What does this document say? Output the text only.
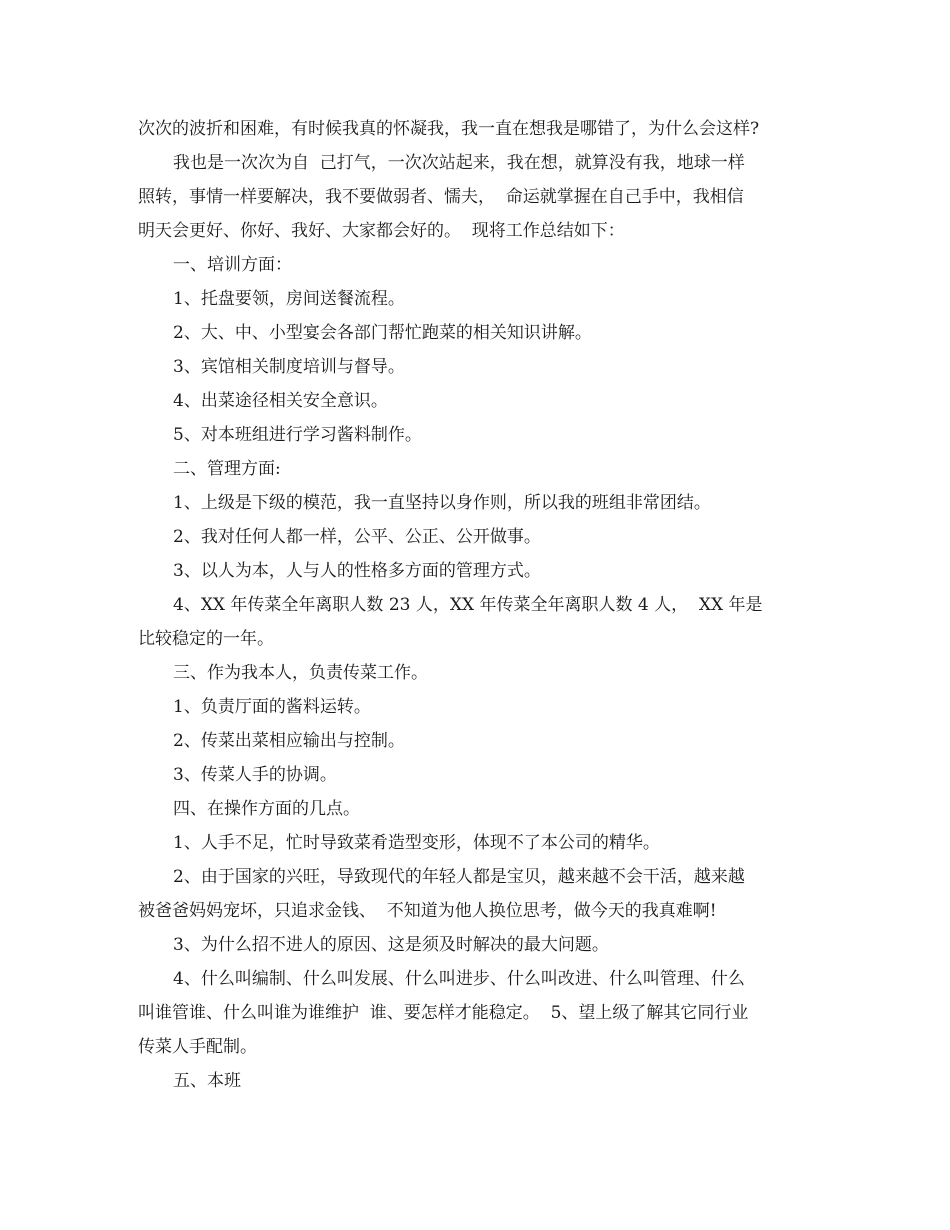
次次的波折和困难，有时候我真的怀凝我，我一直在想我是哪错了，为什么会这样?
我也是一次次为自  己打气，一次次站起来，我在想，就算没有我，地球一样
照转，事情一样要解决，我不要做弱者、懦夫，  命运就掌握在自己手中，我相信
明天会更好、你好、我好、大家都会好的。  现将工作总结如下：
一、培训方面：
1、托盘要领，房间送餐流程。
2、大、中、小型宴会各部门帮忙跑菜的相关知识讲解。
3、宾馆相关制度培训与督导。
4、出菜途径相关安全意识。
5、对本班组进行学习酱料制作。
二、管理方面:
1、上级是下级的模范，我一直坚持以身作则，所以我的班组非常团结。
2、我对任何人都一样，公平、公正、公开做事。
3、以人为本，人与人的性格多方面的管理方式。
4、XX 年传菜全年离职人数 23 人，XX 年传菜全年离职人数 4 人，  XX 年是
比较稳定的一年。
三、作为我本人，负责传菜工作。
1、负责厅面的酱料运转。
2、传菜出菜相应输出与控制。
3、传菜人手的协调。
四、在操作方面的几点。
1、人手不足，忙时导致菜肴造型变形，体现不了本公司的精华。
2、由于国家的兴旺，导致现代的年轻人都是宝贝，越来越不会干活，越来越
被爸爸妈妈宠坏，只追求金钱、  不知道为他人换位思考，做今天的我真难啊!
3、为什么招不进人的原因、这是须及时解决的最大问题。
4、什么叫编制、什么叫发展、什么叫进步、什么叫改进、什么叫管理、什么
叫谁管谁、什么叫谁为谁维护  谁、要怎样才能稳定。  5、望上级了解其它同行业
传菜人手配制。
五、本班
